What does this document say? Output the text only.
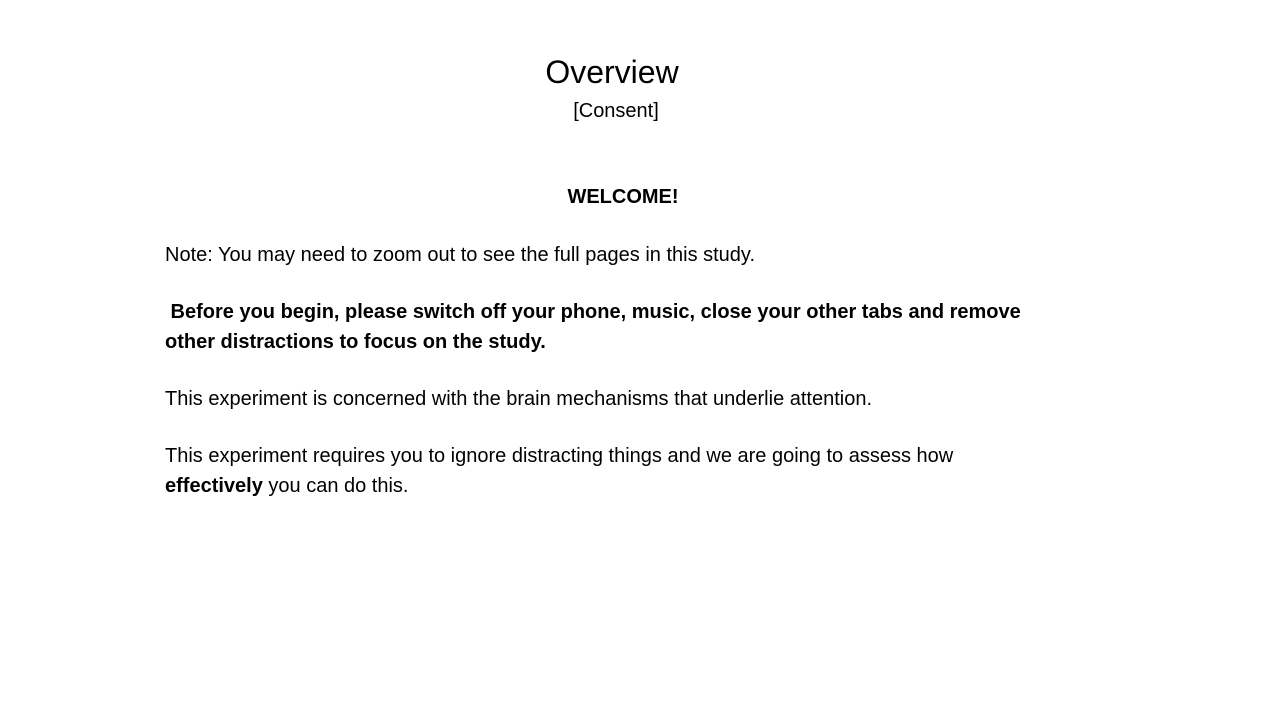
Overview
[Consent]
WELCOME!

Note: You may need to zoom out to see the full pages in this study.

Before you begin, please switch off your phone, music, close your other tabs and remove
other distractions to focus on the study.

This experiment is concerned with the brain mechanisms that underlie attention.

This experiment requires you to ignore distracting things and we are going to assess how
effectively you can do this.
